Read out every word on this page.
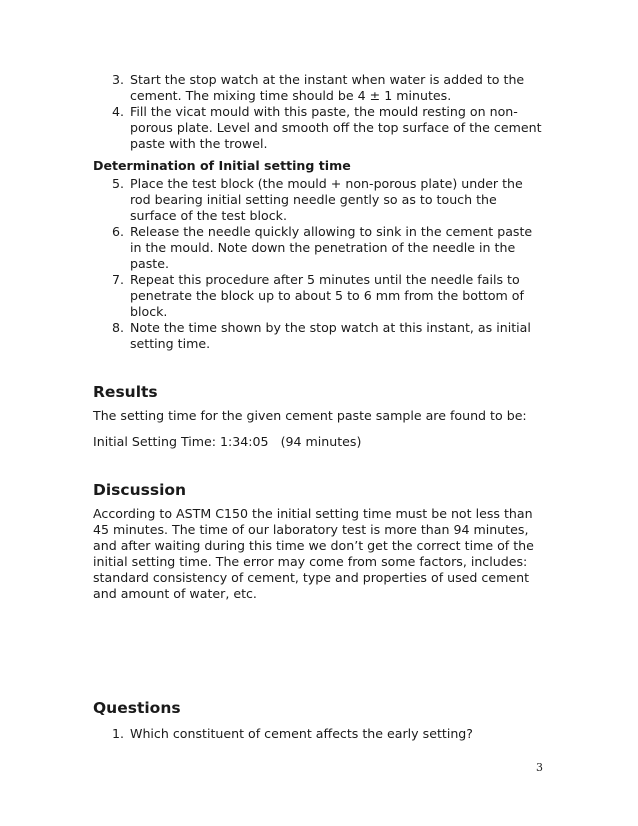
3. Start the stop watch at the instant when water is added to the cement. The mixing time should be 4 ± 1 minutes.
4. Fill the vicat mould with this paste, the mould resting on non-porous plate. Level and smooth off the top surface of the cement paste with the trowel.
Determination of Initial setting time
5. Place the test block (the mould + non-porous plate) under the rod bearing initial setting needle gently so as to touch the surface of the test block.
6. Release the needle quickly allowing to sink in the cement paste in the mould. Note down the penetration of the needle in the paste.
7. Repeat this procedure after 5 minutes until the needle fails to penetrate the block up to about 5 to 6 mm from the bottom of block.
8. Note the time shown by the stop watch at this instant, as initial setting time.
Results

The setting time for the given cement paste sample are found to be:

Initial Setting Time: 1:34:05   (94 minutes)

Discussion

According to ASTM C150 the initial setting time must be not less than 45 minutes. The time of our laboratory test is more than 94 minutes, and after waiting during this time we don’t get the correct time of the initial setting time. The error may come from some factors, includes: standard consistency of cement, type and properties of used cement and amount of water, etc.

Questions
1. Which constituent of cement affects the early setting?
3
